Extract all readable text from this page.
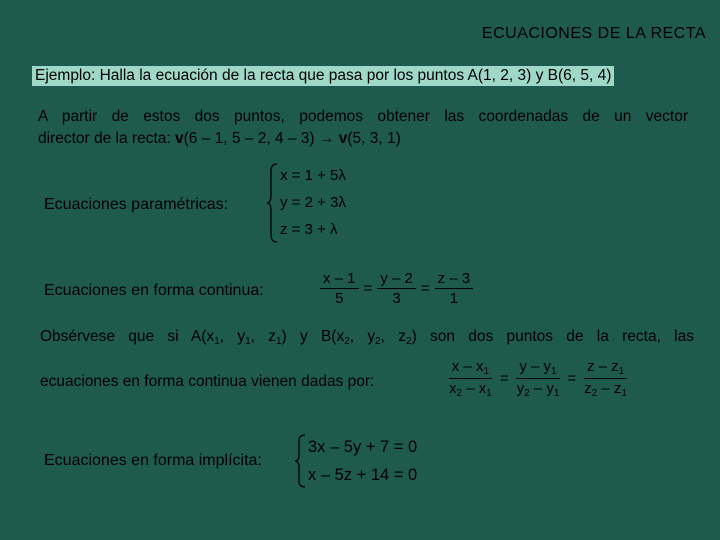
ECUACIONES DE LA RECTA
Ejemplo: Halla la ecuación de la recta que pasa por los puntos A(1, 2, 3) y B(6, 5, 4)
A partir de estos dos puntos, podemos obtener las coordenadas de un vector
director de la recta: v(6 – 1, 5 – 2, 4 – 3) → v(5, 3, 1)
Ecuaciones paramétricas:
x = 1 + 5λ
y = 2 + 3λ
z = 3 + λ
Ecuaciones en forma continua:	$\frac{x - 1}{5} = \frac{y - 2}{3} = \frac{z - 3}{1}$
Obsérvese que si $A(x_1$, $y_1$, $z_1$) y $B(x_2$, $y_2$, $z_2$) son dos puntos de la recta, las
ecuaciones en forma continua vienen dadas por:	$\frac{x - x_1}{x_2 - x_1} = \frac{y - y_1}{y_2 - y_1} = \frac{z - z_1}{z_2 - z_1}$
Ecuaciones en forma implícita:
3x – 5y + 7 = 0
x – 5z + 14 = 0
